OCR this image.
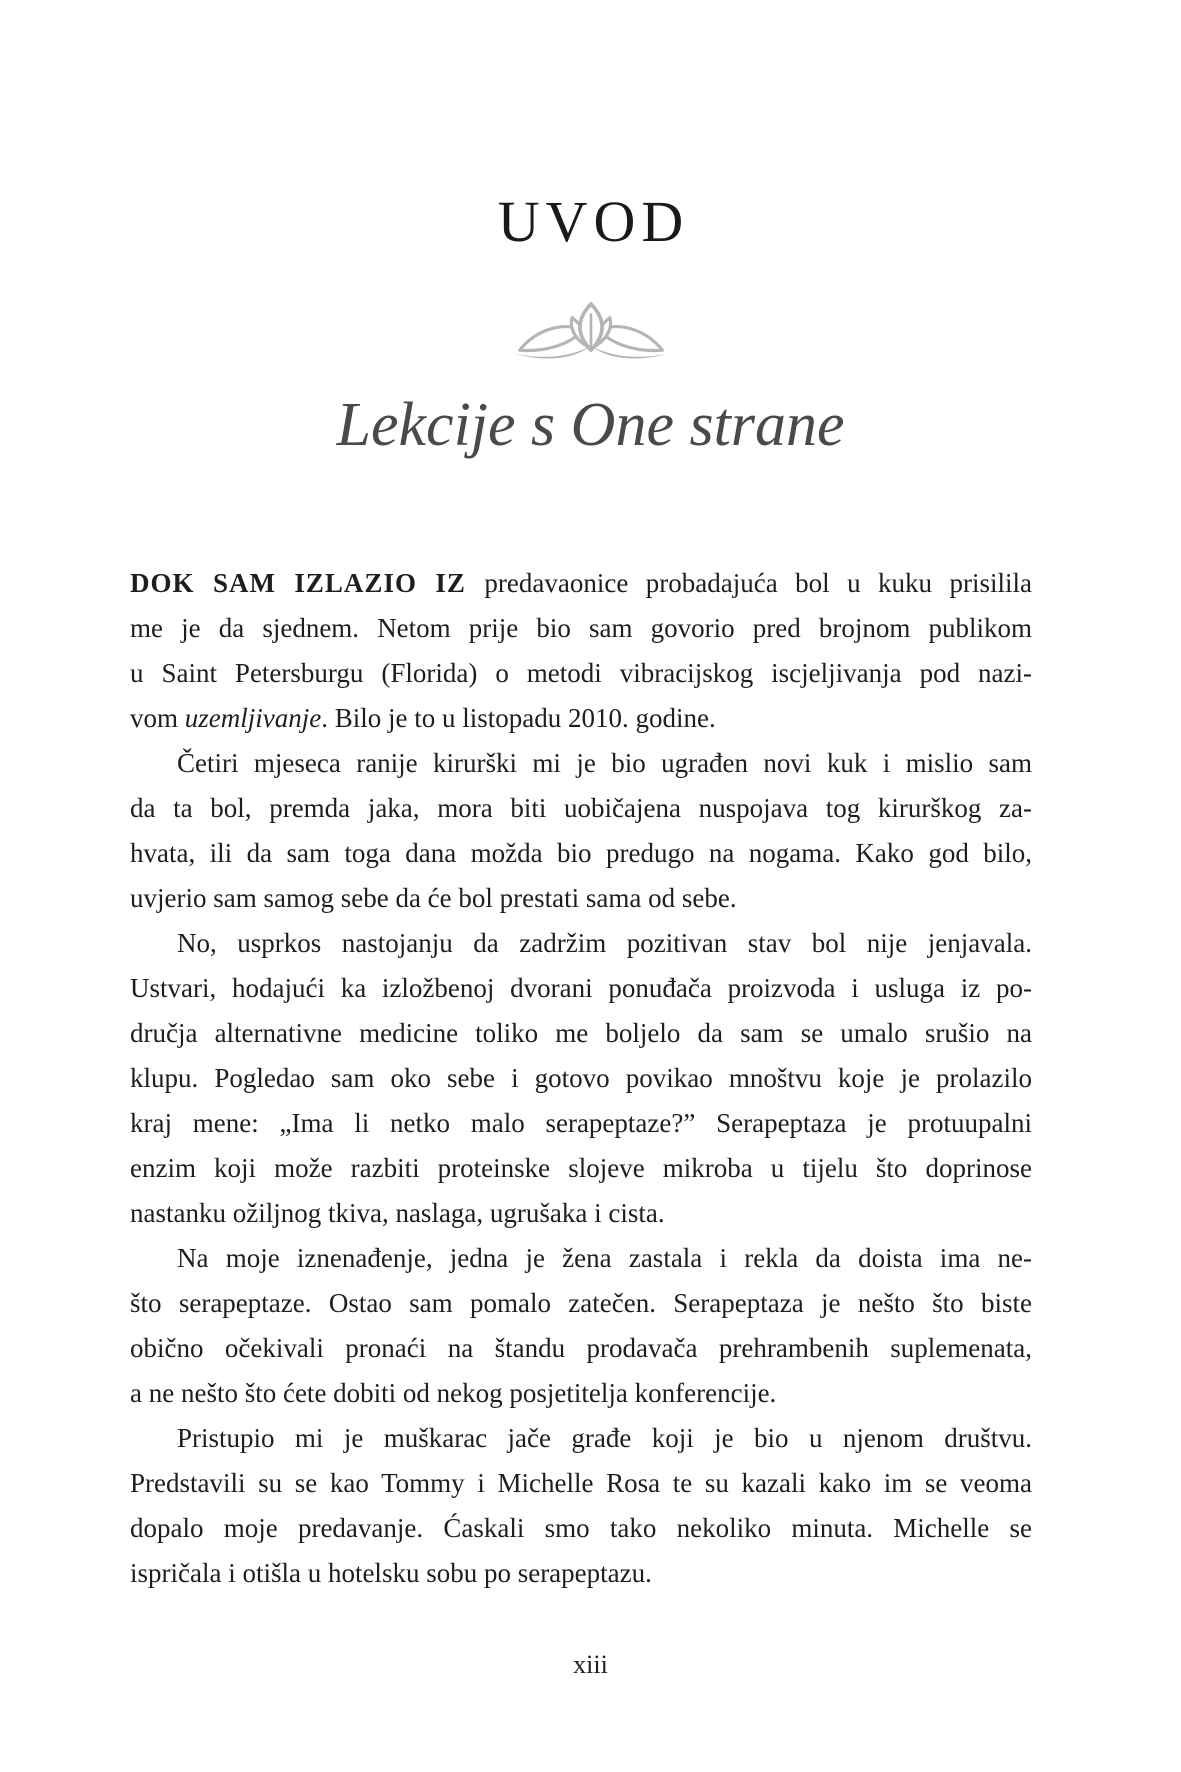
UVOD
Lekcije s One strane
DOK SAM IZLAZIO IZ predavaonice probadajuća bol u kuku prisilila
me je da sjednem. Netom prije bio sam govorio pred brojnom publikom
u Saint Petersburgu (Florida) o metodi vibracijskog iscjeljivanja pod nazi-
vom uzemljivanje. Bilo je to u listopadu 2010. godine.
Četiri mjeseca ranije kirurški mi je bio ugrađen novi kuk i mislio sam
da ta bol, premda jaka, mora biti uobičajena nuspojava tog kirurškog za-
hvata, ili da sam toga dana možda bio predugo na nogama. Kako god bilo,
uvjerio sam samog sebe da će bol prestati sama od sebe.
No, usprkos nastojanju da zadržim pozitivan stav bol nije jenjavala.
Ustvari, hodajući ka izložbenoj dvorani ponuđača proizvoda i usluga iz po-
dručja alternativne medicine toliko me boljelo da sam se umalo srušio na
klupu. Pogledao sam oko sebe i gotovo povikao mnoštvu koje je prolazilo
kraj mene: „Ima li netko malo serapeptaze?” Serapeptaza je protuupalni
enzim koji može razbiti proteinske slojeve mikroba u tijelu što doprinose
nastanku ožiljnog tkiva, naslaga, ugrušaka i cista.
Na moje iznenađenje, jedna je žena zastala i rekla da doista ima ne-
što serapeptaze. Ostao sam pomalo zatečen. Serapeptaza je nešto što biste
obično očekivali pronaći na štandu prodavača prehrambenih suplemenata,
a ne nešto što ćete dobiti od nekog posjetitelja konferencije.
Pristupio mi je muškarac jače građe koji je bio u njenom društvu.
Predstavili su se kao Tommy i Michelle Rosa te su kazali kako im se veoma
dopalo moje predavanje. Ćaskali smo tako nekoliko minuta. Michelle se
ispričala i otišla u hotelsku sobu po serapeptazu.
xiii
